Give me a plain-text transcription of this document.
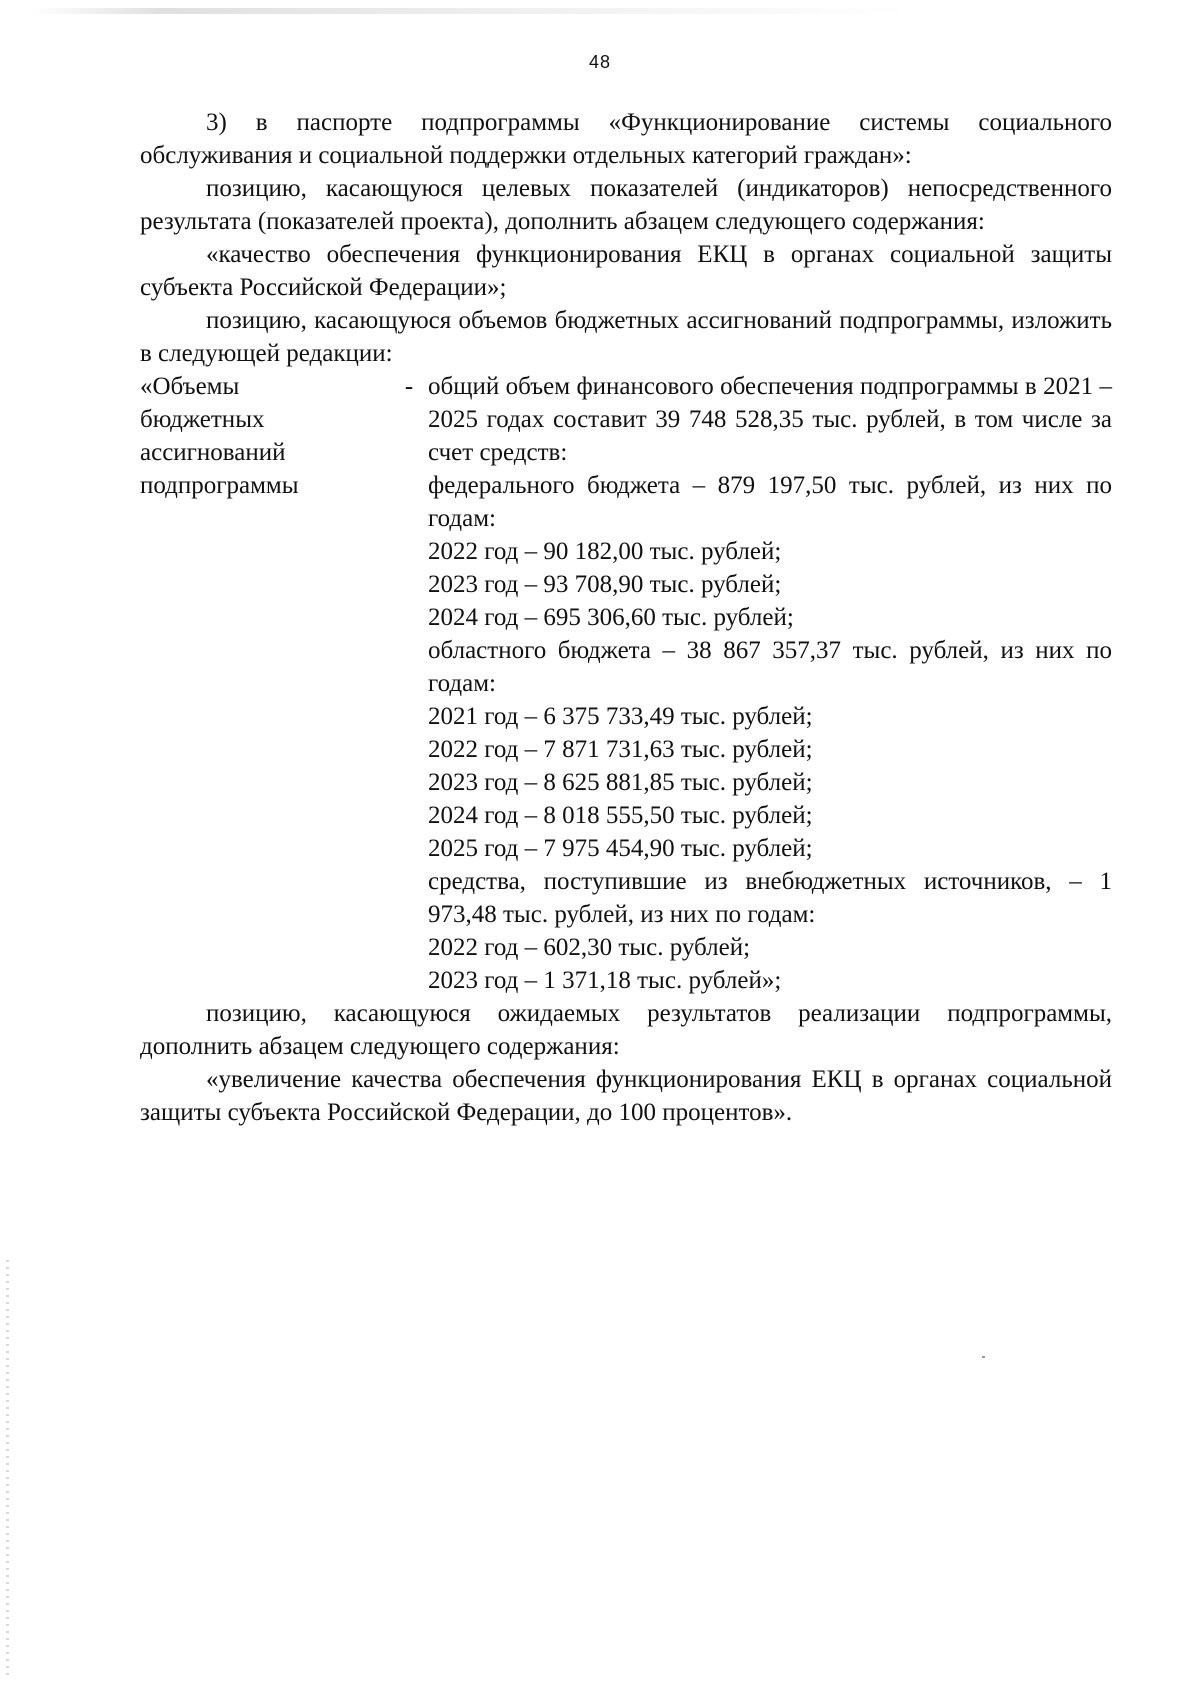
48

3) в паспорте подпрограммы «Функционирование системы социального обслуживания и социальной поддержки отдельных категорий граждан»:

позицию, касающуюся целевых показателей (индикаторов) непосредственного результата (показателей проекта), дополнить абзацем следующего содержания:

«качество обеспечения функционирования ЕКЦ в органах социальной защиты субъекта Российской Федерации»;

позицию, касающуюся объемов бюджетных ассигнований подпрограммы, изложить в следующей редакции:

«Объемы
бюджетных
ассигнований
подпрограммы
- общий объем финансового обеспечения подпрограммы в 2021 – 2025 годах составит 39 748 528,35 тыс. рублей, в том числе за счет средств:

федерального бюджета – 879 197,50 тыс. рублей, из них по годам:

2022 год – 90 182,00 тыс. рублей;

2023 год – 93 708,90 тыс. рублей;

2024 год – 695 306,60 тыс. рублей;

областного бюджета – 38 867 357,37 тыс. рублей, из них по годам:

2021 год – 6 375 733,49 тыс. рублей;

2022 год – 7 871 731,63 тыс. рублей;

2023 год – 8 625 881,85 тыс. рублей;

2024 год – 8 018 555,50 тыс. рублей;

2025 год – 7 975 454,90 тыс. рублей;

средства, поступившие из внебюджетных источников, – 1 973,48 тыс. рублей, из них по годам:

2022 год – 602,30 тыс. рублей;

2023 год – 1 371,18 тыс. рублей»;

позицию, касающуюся ожидаемых результатов реализации подпрограммы, дополнить абзацем следующего содержания:

«увеличение качества обеспечения функционирования ЕКЦ в органах социальной защиты субъекта Российской Федерации, до 100 процентов».
